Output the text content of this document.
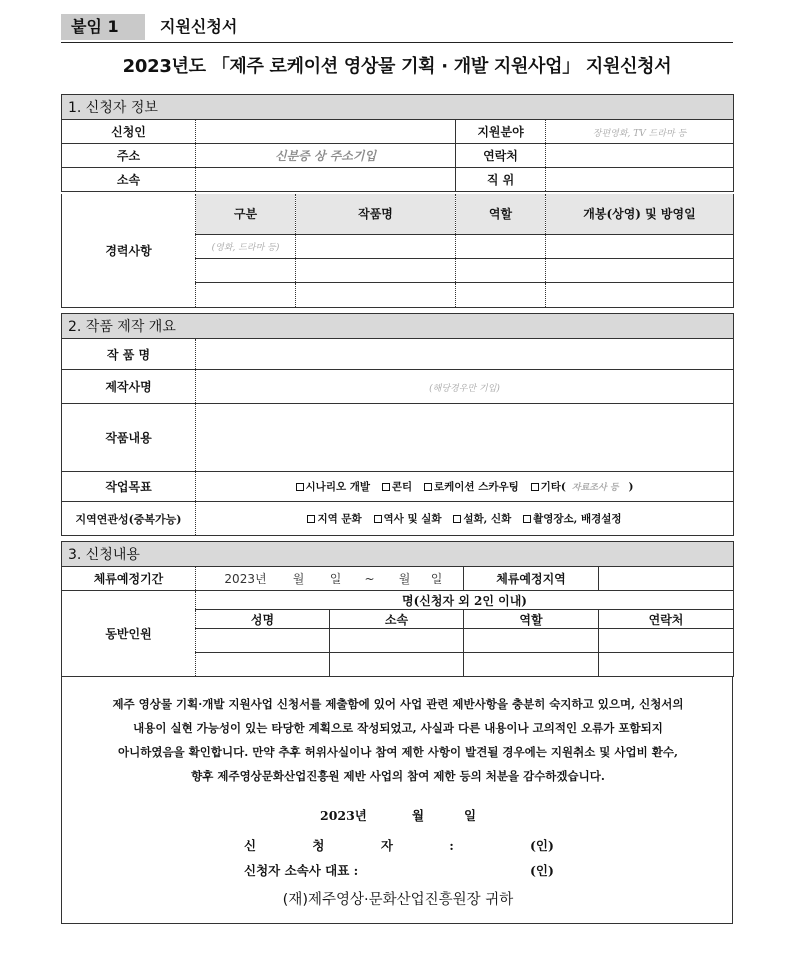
붙임 1	지원신청서
2023년도 「제주 로케이션 영상물 기획 · 개발 지원사업」 지원신청서
1. 신청자 정보			
신청인		지원분야	장편영화, TV 드라마 등
주소	신분증 상 주소기입	연락처	
소속		직 위	
경력사항	구분	작품명	역할	개봉(상영) 및 방영일
	(영화, 드라마 등)			

2. 작품 제작 개요	
작 품 명	
제작사명	(해당경우만 기입)
작품내용	
작업목표	시나리오 개발 콘티 로케이션 스카우팅 기타( 자료조사 등 )
지역연관성(중복가능)	지역 문화 역사 및 실화 설화, 신화 촬영장소, 배경설정
3. 신청내용				
체류예정기간	2023년 월 일 ~ 월 일		체류예정지역	
동반인원	명(신청자 외 2인 이내)			
	성명	소속	역할	연락처

제주 영상물 기획·개발 지원사업 신청서를 제출함에 있어 사업 관련 제반사항을 충분히 숙지하고 있으며, 신청서의
내용이 실현 가능성이 있는 타당한 계획으로 작성되었고, 사실과 다른 내용이나 고의적인 오류가 포함되지
아니하였음을 확인합니다. 만약 추후 허위사실이나 참여 제한 사항이 발견될 경우에는 지원취소 및 사업비 환수,
향후 제주영상문화산업진흥원 제반 사업의 참여 제한 등의 처분을 감수하겠습니다.
2023년	월	일
신 청 자 :	(인)
신청자 소속사 대표 :	(인)
(재)제주영상·문화산업진흥원장 귀하
